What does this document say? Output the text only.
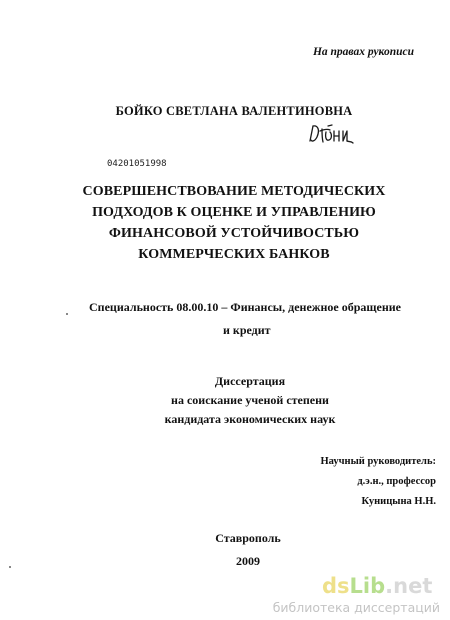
На правах рукописи
БОЙКО СВЕТЛАНА ВАЛЕНТИНОВНА
04201051998
СОВЕРШЕНСТВОВАНИЕ МЕТОДИЧЕСКИХ
ПОДХОДОВ К ОЦЕНКЕ И УПРАВЛЕНИЮ
ФИНАНСОВОЙ УСТОЙЧИВОСТЬЮ
КОММЕРЧЕСКИХ БАНКОВ
Специальность 08.00.10 – Финансы, денежное обращение
и кредит
Диссертация
на соискание ученой степени
кандидата экономических наук
Научный руководитель:
д.э.н., профессор
Куницына Н.Н.
Ставрополь
2009
dsLib.net
библиотека диссертаций
